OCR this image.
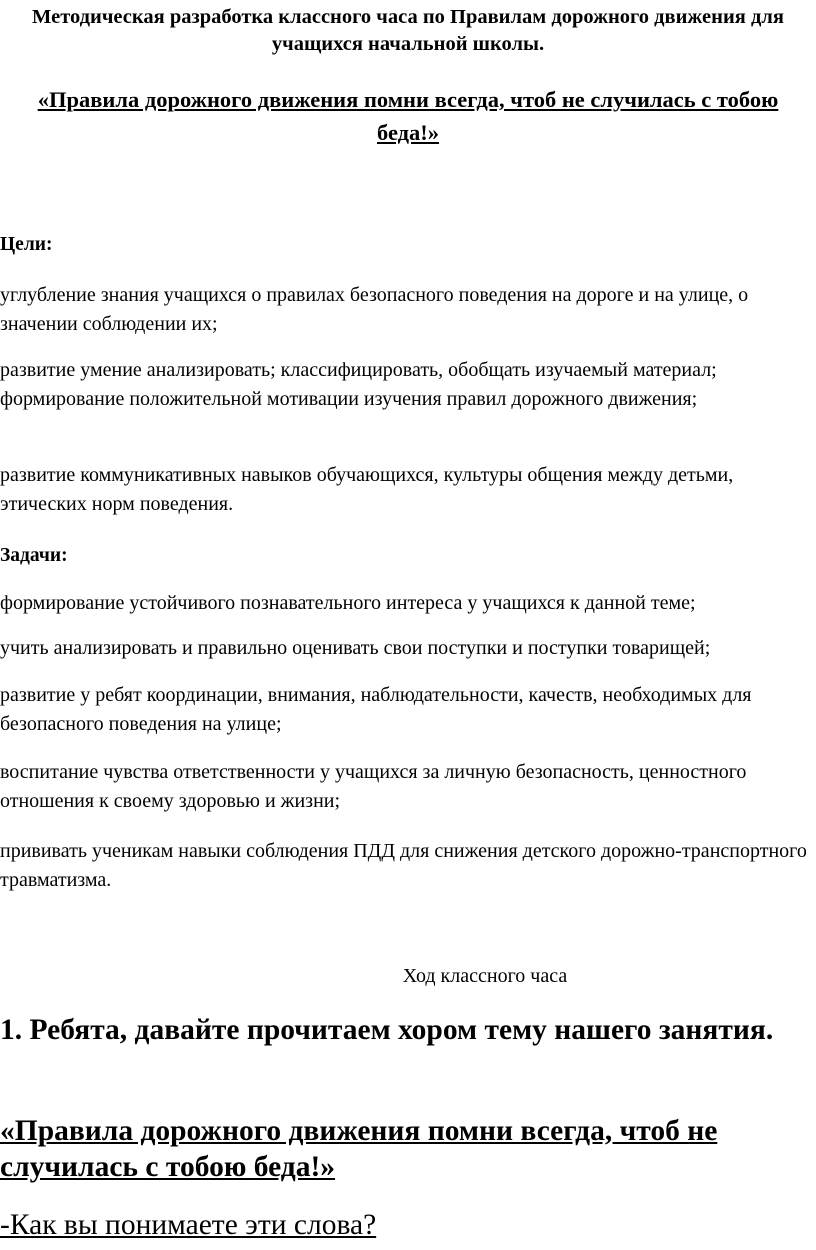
Методическая разработка классного часа по Правилам дорожного движения для учащихся начальной школы.

«Правила дорожного движения помни всегда, чтоб не случилась с тобою беда!»

Цели:

углубление знания учащихся о правилах безопасного поведения на дороге и на улице, о значении соблюдении их;

развитие умение анализировать; классифицировать, обобщать изучаемый материал; формирование положительной мотивации изучения правил дорожного движения;

развитие коммуникативных навыков обучающихся, культуры общения между детьми, этических норм поведения.

Задачи:

формирование устойчивого познавательного интереса у учащихся к данной теме;

учить анализировать и правильно оценивать свои поступки и поступки товарищей;

развитие у ребят координации, внимания, наблюдательности, качеств, необходимых для безопасного поведения на улице;

воспитание чувства ответственности у учащихся за личную безопасность, ценностного отношения к своему здоровью и жизни;

прививать ученикам навыки соблюдения ПДД для снижения детского дорожно-транспортного травматизма.

Ход классного часа

1. Ребята, давайте прочитаем хором тему нашего занятия.

«Правила дорожного движения помни всегда, чтоб не случилась с тобою беда!»

-Как вы понимаете эти слова?
